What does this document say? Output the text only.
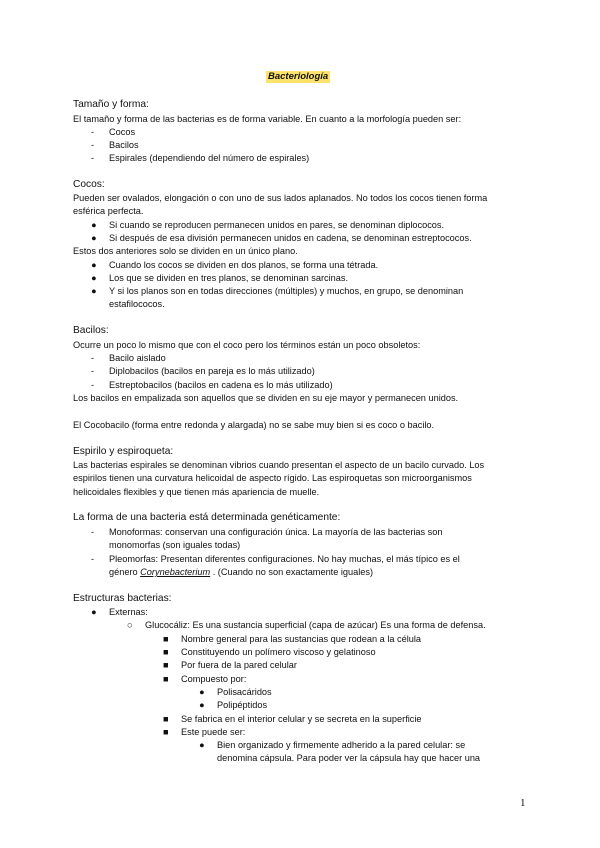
Bacteriología
Tamaño y forma:
El tamaño y forma de las bacterias es de forma variable. En cuanto a la morfología pueden ser:
- Cocos
- Bacilos
- Espirales (dependiendo del número de espirales)
Cocos:
Pueden ser ovalados, elongación o con uno de sus lados aplanados. No todos los cocos tienen forma
esférica perfecta.
● Si cuando se reproducen permanecen unidos en pares, se denominan diplococos.
● Si después de esa división permanecen unidos en cadena, se denominan estreptococos.
Estos dos anteriores solo se dividen en un único plano.
● Cuando los cocos se dividen en dos planos, se forma una tétrada.
● Los que se dividen en tres planos, se denominan sarcinas.
● Y si los planos son en todas direcciones (múltiples) y muchos, en grupo, se denominan
estafilococos.
Bacilos:
Ocurre un poco lo mismo que con el coco pero los términos están un poco obsoletos:
- Bacilo aislado
- Diplobacilos (bacilos en pareja es lo más utilizado)
- Estreptobacilos (bacilos en cadena es lo más utilizado)
Los bacilos en empalizada son aquellos que se dividen en su eje mayor y permanecen unidos.
El Cocobacilo (forma entre redonda y alargada) no se sabe muy bien si es coco o bacilo.
Espirilo y espiroqueta:
Las bacterias espirales se denominan vibrios cuando presentan el aspecto de un bacilo curvado. Los
espirilos tienen una curvatura helicoidal de aspecto rígido. Las espiroquetas son microorganismos
helicoidales flexibles y que tienen más apariencia de muelle.
La forma de una bacteria está determinada genéticamente:
- Monoformas: conservan una configuración única. La mayoría de las bacterias son
monomorfas (son iguales todas)
- Pleomorfas: Presentan diferentes configuraciones. No hay muchas, el más típico es el
género Corynebacterium . (Cuando no son exactamente iguales)
Estructuras bacterias:
● Externas:
○ Glucocáliz: Es una sustancia superficial (capa de azúcar) Es una forma de defensa.
■ Nombre general para las sustancias que rodean a la célula
■ Constituyendo un polímero viscoso y gelatinoso
■ Por fuera de la pared celular
■ Compuesto por:
● Polisacáridos
● Polipéptidos
■ Se fabrica en el interior celular y se secreta en la superficie
■ Este puede ser:
● Bien organizado y firmemente adherido a la pared celular: se
denomina cápsula. Para poder ver la cápsula hay que hacer una
1
